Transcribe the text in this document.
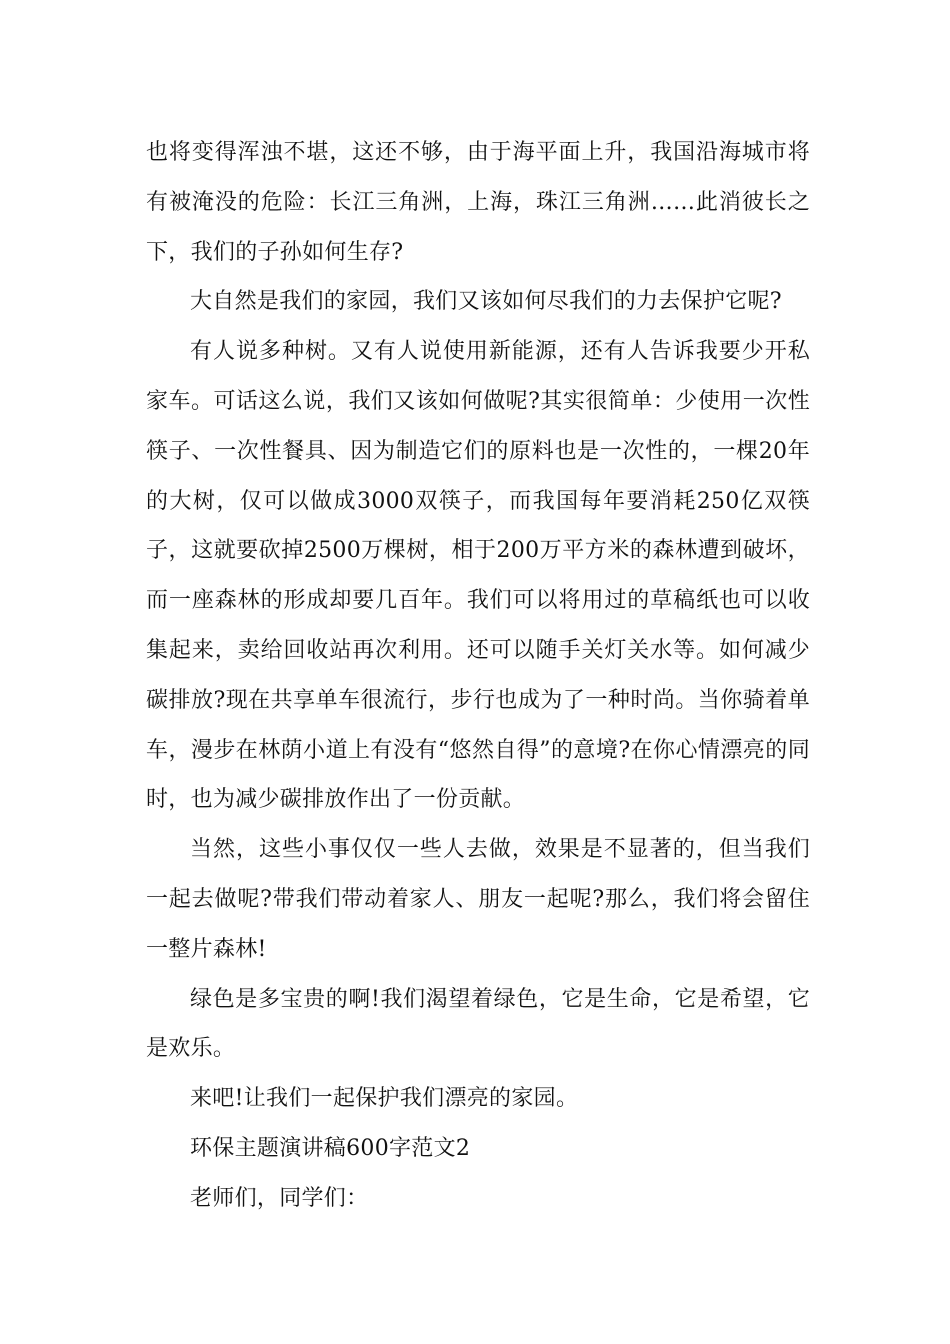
也将变得浑浊不堪，这还不够，由于海平面上升，我国沿海城市将有被淹没的危险：长江三角洲，上海，珠江三角洲……此消彼长之下，我们的子孙如何生存?

大自然是我们的家园，我们又该如何尽我们的力去保护它呢?

有人说多种树。又有人说使用新能源，还有人告诉我要少开私家车。可话这么说，我们又该如何做呢?其实很简单：少使用一次性筷子、一次性餐具、因为制造它们的原料也是一次性的，一棵20年的大树，仅可以做成3000双筷子，而我国每年要消耗250亿双筷子，这就要砍掉2500万棵树，相于200万平方米的森林遭到破坏，而一座森林的形成却要几百年。我们可以将用过的草稿纸也可以收集起来，卖给回收站再次利用。还可以随手关灯关水等。如何减少碳排放?现在共享单车很流行，步行也成为了一种时尚。当你骑着单车，漫步在林荫小道上有没有“悠然自得”的意境?在你心情漂亮的同时，也为减少碳排放作出了一份贡献。

当然，这些小事仅仅一些人去做，效果是不显著的，但当我们一起去做呢?带我们带动着家人、朋友一起呢?那么，我们将会留住一整片森林!

绿色是多宝贵的啊!我们渴望着绿色，它是生命，它是希望，它是欢乐。

来吧!让我们一起保护我们漂亮的家园。

环保主题演讲稿600字范文2

老师们，同学们：
